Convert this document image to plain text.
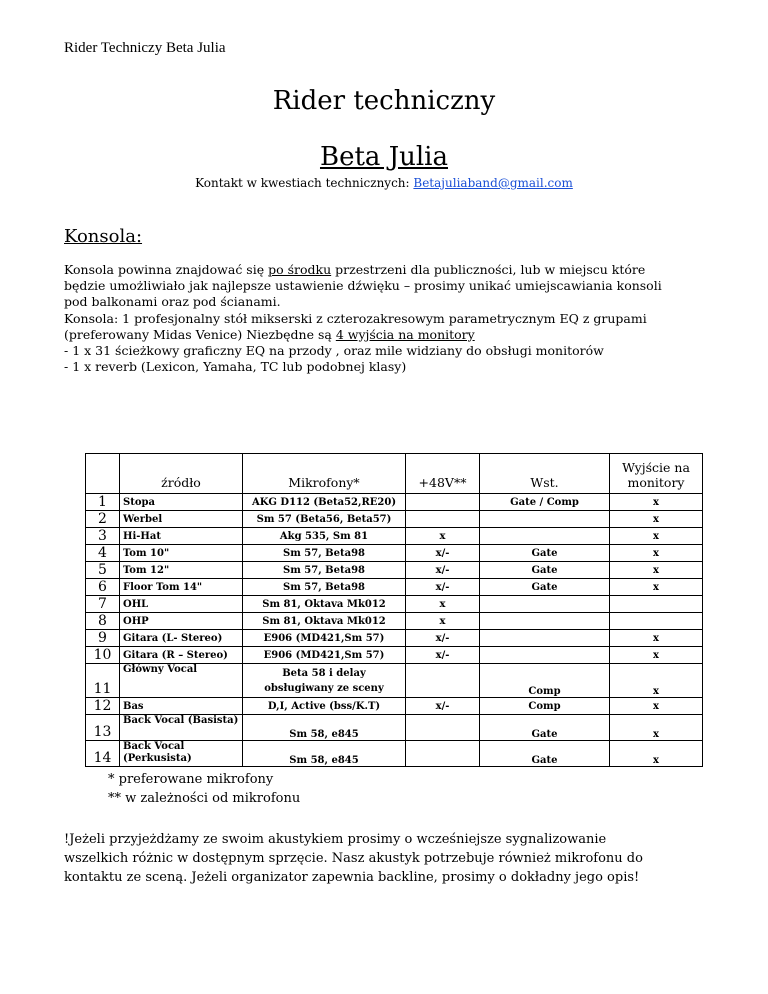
Rider Techniczy Beta Julia
Rider techniczny
Beta Julia
Kontakt w kwestiach technicznych: Betajuliaband@gmail.com
Konsola:

Konsola powinna znajdować się po środku przestrzeni dla publiczności, lub w miejscu które

będzie umożliwiało jak najlepsze ustawienie dźwięku – prosimy unikać umiejscawiania konsoli

pod balkonami oraz pod ścianami.

Konsola: 1 profesjonalny stół mikserski z czterozakresowym parametrycznym EQ z grupami

(preferowany Midas Venice) Niezbędne są 4 wyjścia na monitory

- 1 x 31 ścieżkowy graficzny EQ na przody , oraz mile widziany do obsługi monitorów

- 1 x reverb (Lexicon, Yamaha, TC lub podobnej klasy)

	źródło	Mikrofony*	+48V**	Wst.	Wyjście na monitory
1	Stopa	AKG D112 (Beta52,RE20)		Gate / Comp	x
2	Werbel	Sm 57 (Beta56, Beta57)			x
3	Hi-Hat	Akg 535, Sm 81	x		x
4	Tom 10"	Sm 57, Beta98	x/-	Gate	x
5	Tom 12"	Sm 57, Beta98	x/-	Gate	x
6	Floor Tom 14"	Sm 57, Beta98	x/-	Gate	x
7	OHL	Sm 81, Oktava Mk012	x		
8	OHP	Sm 81, Oktava Mk012	x		
9	Gitara (L- Stereo)	E906 (MD421,Sm 57)	x/-		x
10	Gitara (R – Stereo)	E906 (MD421,Sm 57)	x/-		x
11	Główny Vocal	Beta 58 i delay obsługiwany ze sceny		Comp	x
12	Bas	D,I, Active (bss/K.T)	x/-	Comp	x
13	Back Vocal (Basista)	Sm 58, e845		Gate	x
14	Back Vocal (Perkusista)	Sm 58, e845		Gate	x

* preferowane mikrofony

** w zależności od mikrofonu

!Jeżeli przyjeżdżamy ze swoim akustykiem prosimy o wcześniejsze sygnalizowanie

wszelkich różnic w dostępnym sprzęcie. Nasz akustyk potrzebuje również mikrofonu do

kontaktu ze sceną. Jeżeli organizator zapewnia backline, prosimy o dokładny jego opis!
